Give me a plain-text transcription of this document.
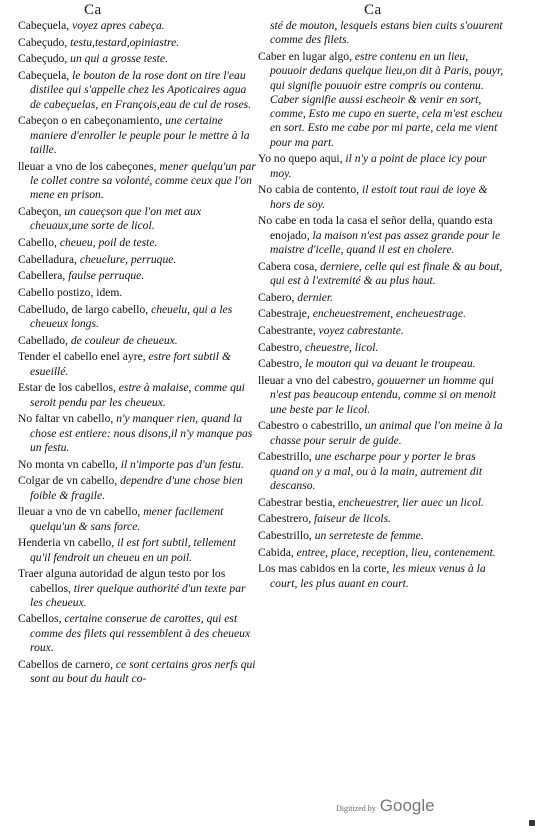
Ca	Ca

Cabeçuela, voyez apres cabeça.

Cabeçudo, testu,testard,opiniastre.

Cabeçudo, un qui a grosse teste.

Cabeçuela, le bouton de la rose dont on tire l'eau distilee qui s'appelle chez les Apoticaires agua de cabeçuelas, en François,eau de cul de roses.

Cabeçon o en cabeçonamiento, une certaine maniere d'enroller le peuple pour le mettre à la taille.

lleuar a vno de los cabeçones, mener quelqu'un par le collet contre sa volonté, comme ceux que l'on mene en prison.

Cabeçon, un caueçson que l'on met aux cheuaux,une sorte de licol.

Cabello, cheueu, poil de teste.

Cabelladura, cheuelure, perruque.

Cabellera, faulse perruque.

Cabello postizo, idem.

Cabelludo, de largo cabello, cheuelu, qui a les cheueux longs.

Cabellado, de couleur de cheueux.

Tender el cabello enel ayre, estre fort subtil & esueillé.

Estar de los cabellos, estre à malaise, comme qui seroit pendu par les cheueux.

No faltar vn cabello, n'y manquer rien, quand la chose est entiere: nous disons,il n'y manque pas un festu.

No monta vn cabello, il n'importe pas d'un festu.

Colgar de vn cabello, dependre d'une chose bien foible & fragile.

lleuar a vno de vn cabello, mener facilement quelqu'un & sans force.

Henderia vn cabello, il est fort subtil, tellement qu'il fendroit un cheueu en un poil.

Traer alguna autoridad de algun testo por los cabellos, tirer quelque authorité d'un texte par les cheueux.

Cabellos, certaine conserue de carottes, qui est comme des filets qui ressemblent à des cheueux roux.

Cabellos de carnero, ce sont certains gros nerfs qui sont au bout du hault co-

sté de mouton, lesquels estans bien cuits s'ouurent comme des filets.

Caber en lugar algo, estre contenu en un lieu, pouuoir dedans quelque lieu,on dit à Paris, pouyr, qui signifie pouuoir estre compris ou contenu. Caber signifie aussi escheoir & venir en sort, comme, Esto me cupo en suerte, cela m'est escheu en sort. Esto me cabe por mi parte, cela me vient pour ma part.

Yo no quepo aqui, il n'y a point de place icy pour moy.

No cabia de contento, il estoit tout raui de ioye & hors de soy.

No cabe en toda la casa el señor della, quando esta enojado, la maison n'est pas assez grande pour le maistre d'icelle, quand il est en cholere.

Cabera cosa, derniere, celle qui est finale & au bout, qui est à l'extremité & au plus haut.

Cabero, dernier.

Cabestraje, encheuestrement, encheuestrage.

Cabestrante, voyez cabrestante.

Cabestro, cheuestre, licol.

Cabestro, le mouton qui va deuant le troupeau.

lleuar a vno del cabestro, gouuerner un homme qui n'est pas beaucoup entendu, comme si on menoit une beste par le licol.

Cabestro o cabestrillo, un animal que l'on meine à la chasse pour seruir de guide.

Cabestrillo, une escharpe pour y porter le bras quand on y a mal, ou à la main, autrement dit descanso.

Cabestrar bestia, encheuestrer, lier auec un licol.

Cabestrero, faiseur de licols.

Cabestrillo, un serreteste de femme.

Cabida, entree, place, reception, lieu, contenement.

Los mas cabidos en la corte, les mieux venus à la court, les plus auant en court.

Digitized by Google
